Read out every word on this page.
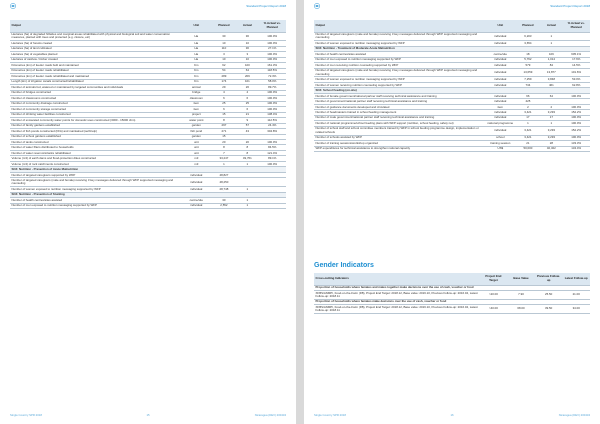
Standard Project Report 2018
Output	Unit	Planned	Actual	% Actual vs. Planned
Hectares (ha) of degraded hillsides and marginal areas rehabilitated with physical and biological soil and water conservation measures, planted with trees and protected (e.g. closure, etc)	Ha	30	30	100.0%
Hectares (ha) of forests created	Ha	10	10	100.0%
Hectares (ha) of land cultivated	Ha	110	30	27.1%
Hectares (ha) of vegetables planted	Ha	3	3	100.0%
Hectares of cashew / timber created	Ha	10	10	100.0%
Kilometres (km) of feeder roads built and maintained	Km	62	100	161.3%
Kilometres (km) of feeder roads rehabilitated	Km	54	64	118.5%
Kilometres (km) of feeder roads rehabilitated and maintained	Km	289	209	72.3%
Length (km) of irrigation canals constructed/rehabilitated	Km	174	101	58.0%
Number of animals fed, watered or maintained by targeted communities and individuals	animal	29	26	89.7%
Number of bridges constructed	bridge	4	4	100.0%
Number of classrooms constructed	classroom	6	6	100.0%
Number of community drainage constructed	item	25	25	100.0%
Number of community storage constructed	item	6	6	100.0%
Number of drinking water facilities constructed	project	15	21	138.4%
Number of excavated community water points for domestic uses constructed (3000 - 15000 cbm)	water point	8	9	112.5%
Number of family gardens established	garden	297	57	24.4%
Number of fish ponds constructed (FFA) and maintained (self-help)	fish pond	271	43	304.8%
Number of school gardens established	garden	15		
Number of tanks constructed	unit	20	20	100.0%
Number of water filters distributed to households	unit	8	8	84.5%
Number of water reservoirs/tanks rehabilitated	unit	7	8	121.4%
Volume (m3) of earth dams and flood-protection dikes constructed	m3	33,247	49,761	89.1%
Volume (m3) of rock catchments constructed	m3	1	1	100.0%
SO4: Nutrition - Prevention of Acute Malnutrition				
Number of targeted caregivers supported by WFP	individual	48,827		
Number of targeted caregivers (male and female) receiving 3 key messages delivered through WFP supported messaging and counseling	individual	48,250		
Number of women exposed to nutrition messaging supported by WFP	individual	28,748	1	
SO4: Nutrition - Prevention of Stunting				
Number of health centres/sites assisted	centre/site	30	1	
Number of men exposed to nutrition messaging supported by WFP	individual	2,552	1	
Single Country SPR 2018	15	Nicaragua (DEV) 200434
Standard Project Report 2018
Output	Unit	Planned	Actual	% Actual vs. Planned
Number of targeted caregivers (male and female) receiving 3 key messages delivered through WFP supported messaging and counseling	individual	6,203	1	
Number of women exposed to nutrition messaging supported by WFP	individual	3,654	1	
SO4: Nutrition - Treatment of Moderate Acute Malnutrition				
Number of health centres/sites assisted	centre/site	18	109	605.1%
Number of men exposed to nutrition messaging supported by WFP	individual	5,762	1,014	17.6%
Number of men receiving nutrition counseling supported by WFP	individual	579	84	14.5%
Number of targeted caregivers (male and female) receiving 3 key messages delivered through WFP supported messaging and counseling	individual	13,659	13,877	101.6%
Number of women exposed to nutrition messaging supported by WFP	individual	7,259	3,848	53.0%
Number of women receiving nutrition counseling supported by WFP	individual	734	461	62.8%
SO4: School Feeding (on-site)				
Number of female government/national partner staff receiving technical assistance and training	individual	66	64	100.0%
Number of government/national partner staff receiving technical assistance and training	individual	425		
Number of guidance documents developed and circulated	item	2	2	100.0%
Number of headmasters trained in school feeding management	individual	3,421	3,293	152.2%
Number of male government/national partner staff receiving technical assistance and training	individual	17	17	100.0%
Number of national programme/school feeding plans with WFP support (nutrition, school feeding, safety net)	national programme	1	1	100.0%
Number of school staff and school committee members trained by WFP in school feeding programme design, implementation or related schools	individual	3,421	3,293	152.2%
Number of schools assisted by WFP	school	3,421	3,293	100.0%
Number of training sessions/workshop organized	training session	21	28	133.3%
WFP expenditures for technical assistance to strengthen national capacity	US$	50,000	40,322	134.4%
Gender Indicators
Cross-cutting Indicators	Project End Target	Base Value	Previous Follow-up	Latest Follow-up
Proportion of households where females and males together make decisions over the use of cash, voucher or food				
XFBS/ANMPI, Food-on-the-Farm (FB), Project End Target: 2018.12, Base value: 2016.10, Previous Follow-up: 2016.04, Latest Follow-up: 2018.11	>20.00	7.90	25.50	21.00
Proportion of households where females make decisions over the use of cash, voucher or food				
XFBS/ANMPI, Food-on-the-Farm (FB), Project End Target: 2018.12, Base value: 2016.10, Previous Follow-up: 2016.04, Latest Follow-up: 2018.11	>40.00	68.00	39.50	34.00
Single Country SPR 2018	16	Nicaragua (DEV) 200434
